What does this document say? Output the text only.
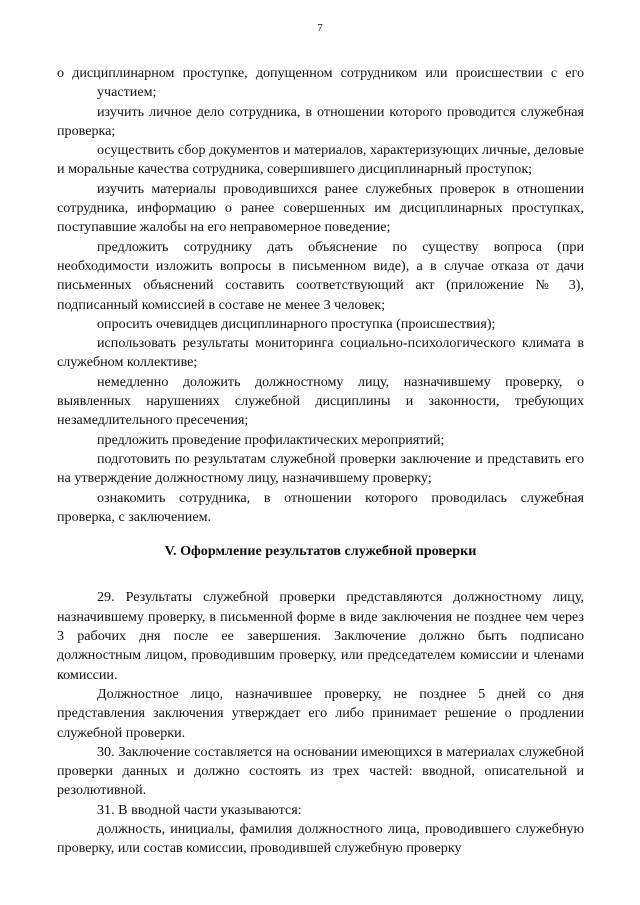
7

о дисциплинарном проступке, допущенном сотрудником или происшествии с его участием;

изучить личное дело сотрудника, в отношении которого проводится служебная проверка;

осуществить сбор документов и материалов, характеризующих личные, деловые и моральные качества сотрудника, совершившего дисциплинарный проступок;

изучить материалы проводившихся ранее служебных проверок в отношении сотрудника, информацию о ранее совершенных им дисциплинарных проступках, поступавшие жалобы на его неправомерное поведение;

предложить сотруднику дать объяснение по существу вопроса (при необходимости изложить вопросы в письменном виде), а в случае отказа от дачи письменных объяснений составить соответствующий акт (приложение № 3), подписанный комиссией в составе не менее 3 человек;

опросить очевидцев дисциплинарного проступка (происшествия);

использовать результаты мониторинга социально-психологического климата в служебном коллективе;

немедленно доложить должностному лицу, назначившему проверку, о выявленных нарушениях служебной дисциплины и законности, требующих незамедлительного пресечения;

предложить проведение профилактических мероприятий;

подготовить по результатам служебной проверки заключение и представить его на утверждение должностному лицу, назначившему проверку;

ознакомить сотрудника, в отношении которого проводилась служебная проверка, с заключением.

V. Оформление результатов служебной проверки

29. Результаты служебной проверки представляются должностному лицу, назначившему проверку, в письменной форме в виде заключения не позднее чем через 3 рабочих дня после ее завершения. Заключение должно быть подписано должностным лицом, проводившим проверку, или председателем комиссии и членами комиссии.

Должностное лицо, назначившее проверку, не позднее 5 дней со дня представления заключения утверждает его либо принимает решение о продлении служебной проверки.

30. Заключение составляется на основании имеющихся в материалах служебной проверки данных и должно состоять из трех частей: вводной, описательной и резолютивной.

31. В вводной части указываются:

должность, инициалы, фамилия должностного лица, проводившего служебную проверку, или состав комиссии, проводившей служебную проверку
